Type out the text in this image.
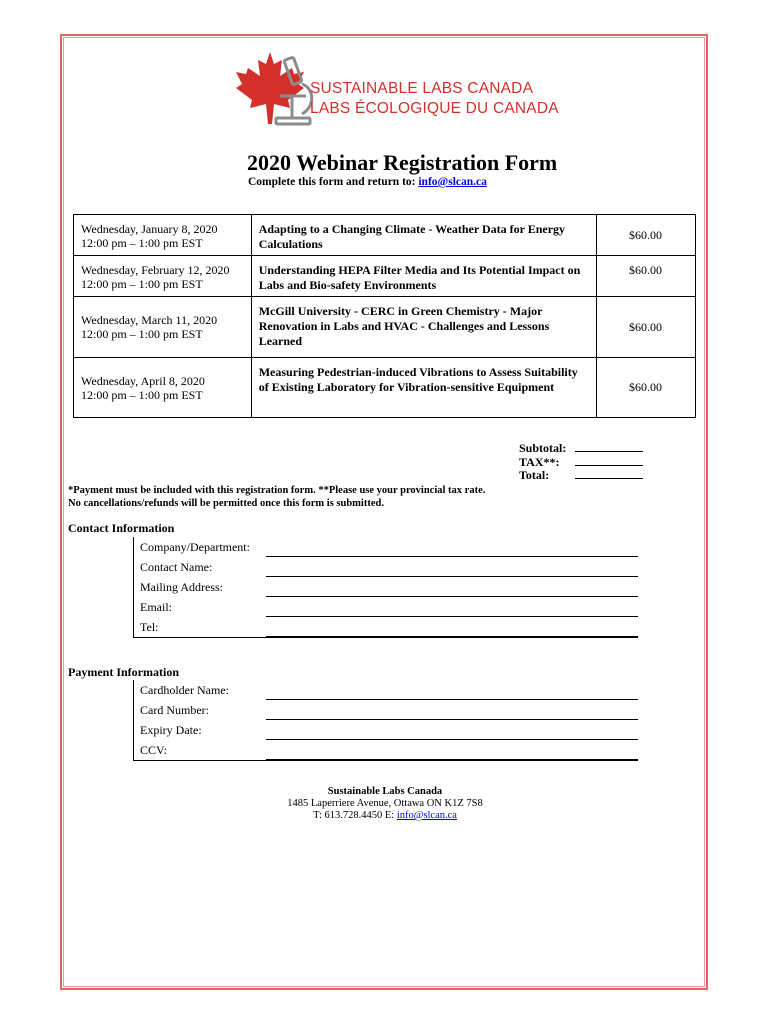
SUSTAINABLE LABS CANADA
LABS ÉCOLOGIQUE DU CANADA
2020 Webinar Registration Form
Complete this form and return to: info@slcan.ca
Wednesday, January 8, 2020
12:00 pm – 1:00 pm EST	Adapting to a Changing Climate - Weather Data for Energy Calculations	$60.00

Wednesday, February 12, 2020
12:00 pm – 1:00 pm EST	Understanding HEPA Filter Media and Its Potential Impact on Labs and Bio-safety Environments	$60.00

Wednesday, March 11, 2020
12:00 pm – 1:00 pm EST	McGill University - CERC in Green Chemistry - Major Renovation in Labs and HVAC - Challenges and Lessons Learned	$60.00

Wednesday, April 8, 2020
12:00 pm – 1:00 pm EST	Measuring Pedestrian-induced Vibrations to Assess Suitability of Existing Laboratory for Vibration-sensitive Equipment	$60.00
Subtotal:
TAX**:
Total:
*Payment must be included with this registration form. **Please use your provincial tax rate.
No cancellations/refunds will be permitted once this form is submitted.
Contact Information
Company/Department:
Contact Name:
Mailing Address:
Email:
Tel:
Payment Information
Cardholder Name:
Card Number:
Expiry Date:
CCV:
Sustainable Labs Canada
1485 Laperriere Avenue, Ottawa ON K1Z 7S8
T: 613.728.4450 E: info@slcan.ca
